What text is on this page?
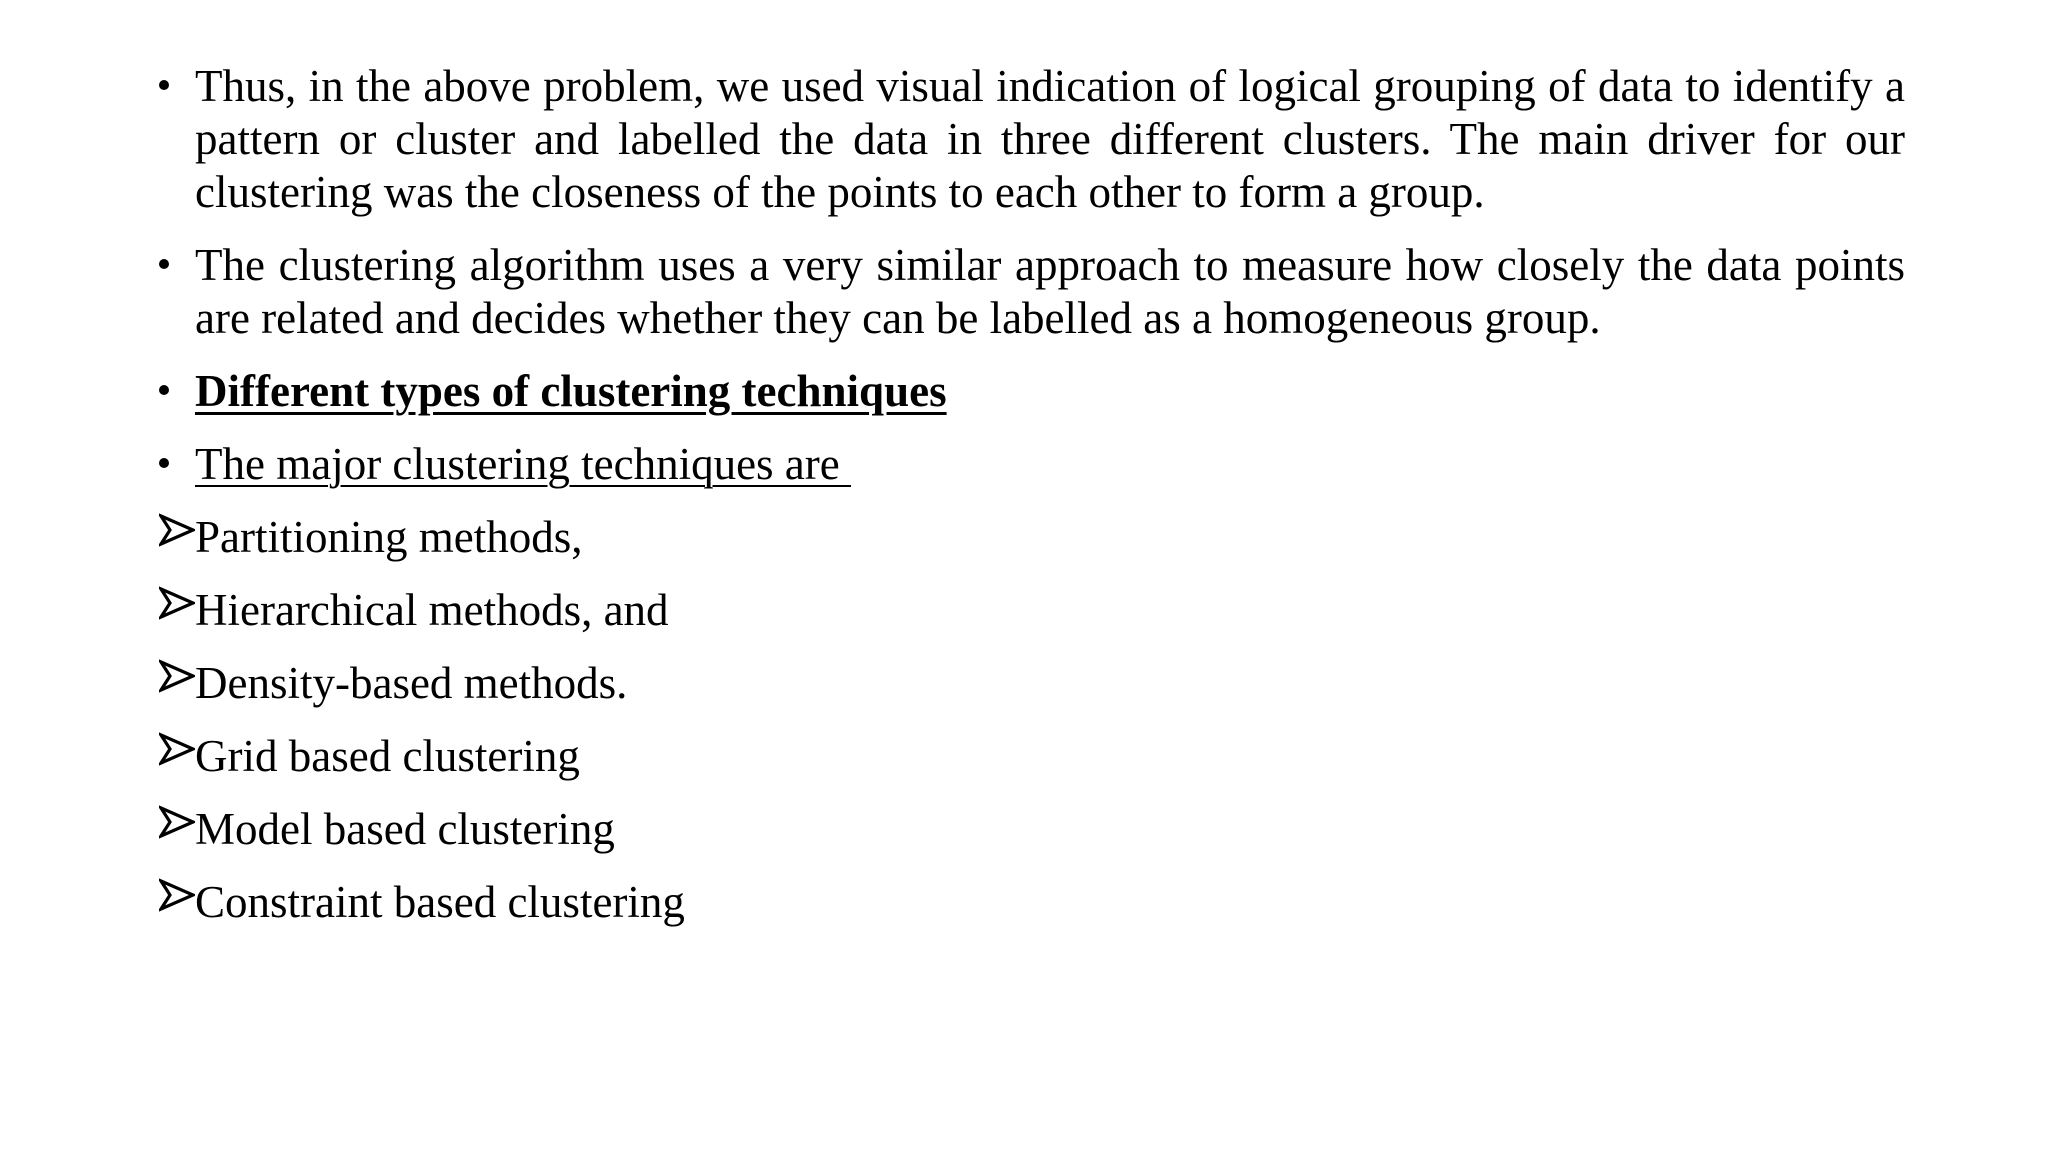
Thus, in the above problem, we used visual indication of logical grouping of data to identify a pattern or cluster and labelled the data in three different clusters. The main driver for our clustering was the closeness of the points to each other to form a group.
The clustering algorithm uses a very similar approach to measure how closely the data points are related and decides whether they can be labelled as a homogeneous group.
Different types of clustering techniques
The major clustering techniques are
Partitioning methods,
Hierarchical methods, and
Density-based methods.
Grid based clustering
Model based clustering
Constraint based clustering
